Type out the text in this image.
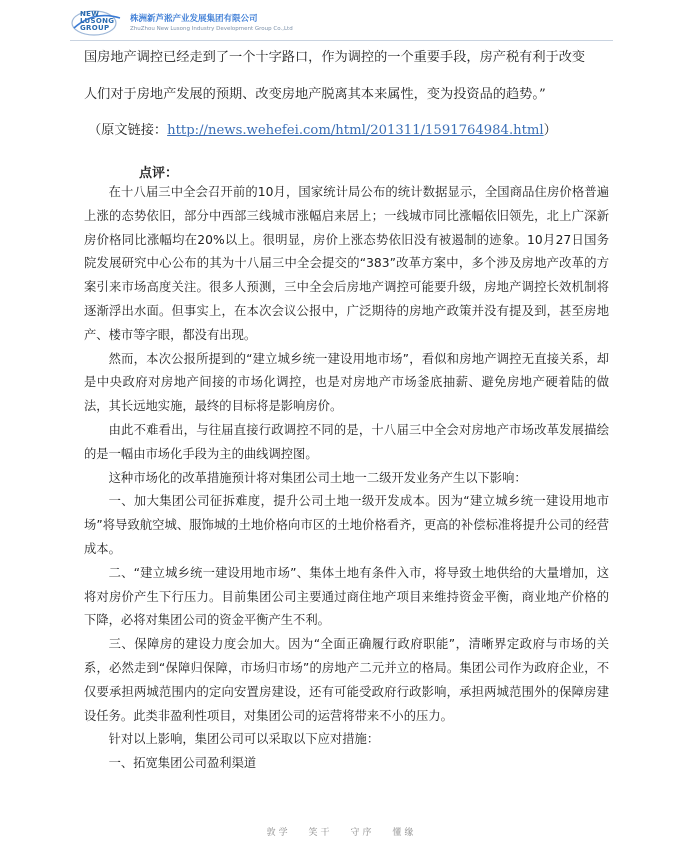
NEW LUSONG GROUP
株洲新芦淞产业发展集团有限公司
ZhuZhou New Lusong Industry Development Group Co.,Ltd
国房地产调控已经走到了一个十字路口，作为调控的一个重要手段，房产税有利于改变
人们对于房地产发展的预期、改变房地产脱离其本来属性，变为投资品的趋势。”
（原文链接：http://news.wehefei.com/html/201311/1591764984.html）
点评：

在十八届三中全会召开前的10月，国家统计局公布的统计数据显示，全国商品住房价格普遍上涨的态势依旧，部分中西部三线城市涨幅启来居上；一线城市同比涨幅依旧领先，北上广深新房价格同比涨幅均在20%以上。很明显，房价上涨态势依旧没有被遏制的迹象。10月27日国务院发展研究中心公布的其为十八届三中全会提交的“383”改革方案中，多个涉及房地产改革的方案引来市场高度关注。很多人预测，三中全会后房地产调控可能要升级，房地产调控长效机制将逐渐浮出水面。但事实上，在本次会议公报中，广泛期待的房地产政策并没有提及到，甚至房地产、楼市等字眼，都没有出现。

然而，本次公报所提到的“建立城乡统一建设用地市场”，看似和房地产调控无直接关系，却是中央政府对房地产间接的市场化调控，也是对房地产市场釜底抽薪、避免房地产硬着陆的做法，其长远地实施，最终的目标将是影响房价。

由此不难看出，与往届直接行政调控不同的是，十八届三中全会对房地产市场改革发展描绘的是一幅由市场化手段为主的曲线调控图。

这种市场化的改革措施预计将对集团公司土地一二级开发业务产生以下影响：

一、加大集团公司征拆难度，提升公司土地一级开发成本。因为“建立城乡统一建设用地市场”将导致航空城、服饰城的土地价格向市区的土地价格看齐，更高的补偿标准将提升公司的经营成本。

二、“建立城乡统一建设用地市场”、集体土地有条件入市，将导致土地供给的大量增加，这将对房价产生下行压力。目前集团公司主要通过商住地产项目来维持资金平衡，商业地产价格的下降，必将对集团公司的资金平衡产生不利。

三、保障房的建设力度会加大。因为“全面正确履行政府职能”，清晰界定政府与市场的关系，必然走到“保障归保障，市场归市场”的房地产二元并立的格局。集团公司作为政府企业，不仅要承担两城范围内的定向安置房建设，还有可能受政府行政影响，承担两城范围外的保障房建设任务。此类非盈利性项目，对集团公司的运营将带来不小的压力。

针对以上影响，集团公司可以采取以下应对措施：

一、拓宽集团公司盈利渠道

敦学 笑干 守序 懂缘
